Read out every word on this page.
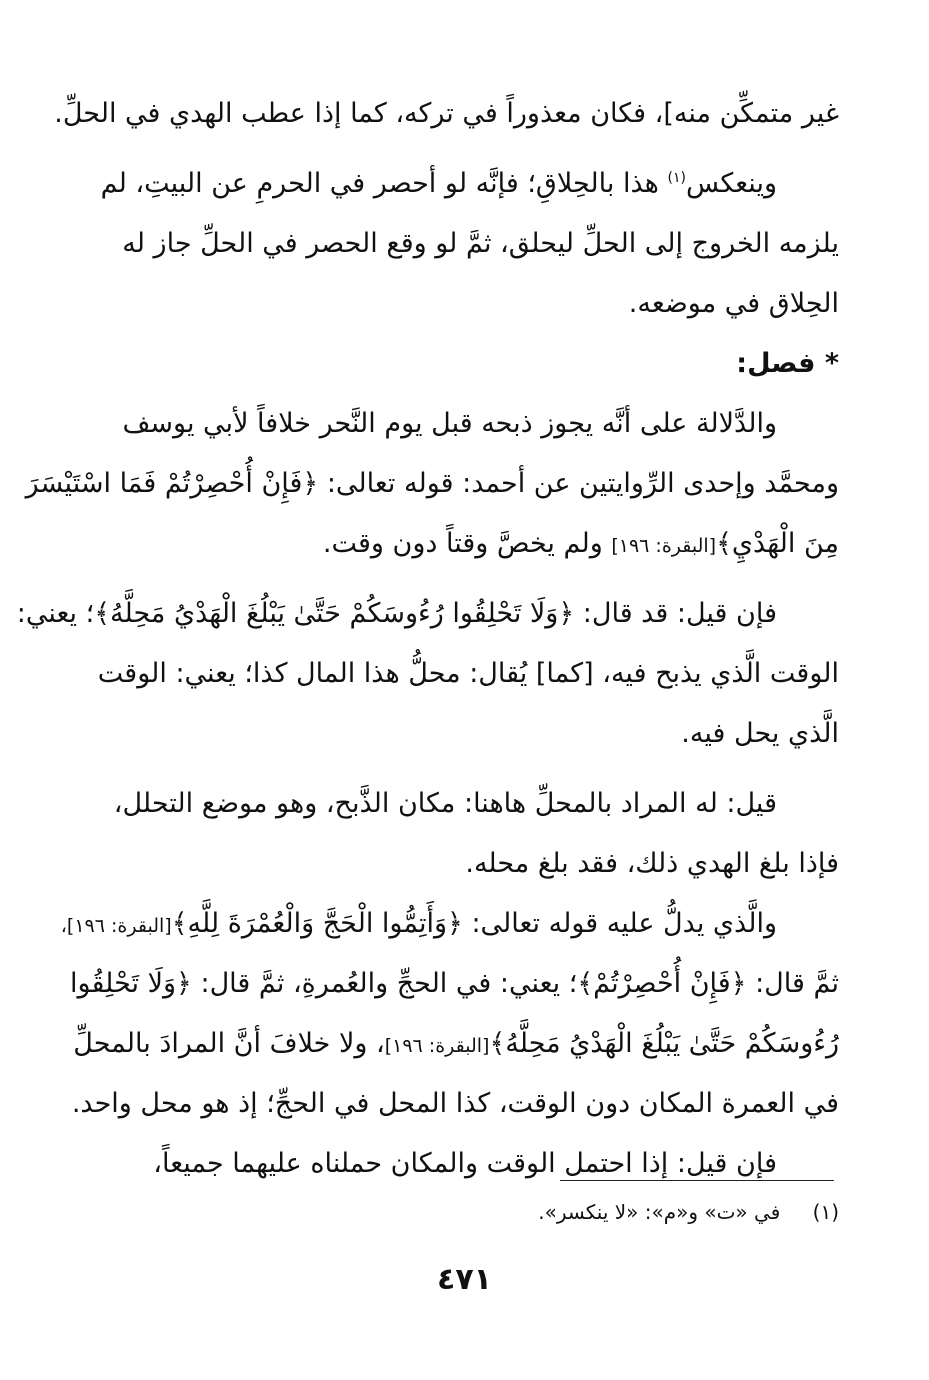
غير متمكِّن منه]، فكان معذوراً في تركه، كما إذا عطب الهدي في الحلِّ.
وينعكس$^{(١)}$ هذا بالحِلاقِ؛ فإنَّه لو أحصر في الحرمِ عن البيتِ، لم
يلزمه الخروج إلى الحلِّ ليحلق، ثمَّ لو وقع الحصر في الحلِّ جاز له
الحِلاق في موضعه.
* فصل:
والدَّلالة على أنَّه يجوز ذبحه قبل يوم النَّحر خلافاً لأبي يوسف
ومحمَّد وإحدى الرِّوايتين عن أحمد: قوله تعالى: ﴿فَإِنْ أُحْصِرْتُمْ فَمَا اسْتَيْسَرَ
مِنَ الْهَدْيِ﴾[البقرة: ١٩٦] ولم يخصَّ وقتاً دون وقت.
فإن قيل: قد قال: ﴿وَلَا تَحْلِقُوا رُءُوسَكُمْ حَتَّىٰ يَبْلُغَ الْهَدْيُ مَحِلَّهُ﴾؛ يعني:
الوقت الَّذي يذبح فيه، [كما] يُقال: محلُّ هذا المال كذا؛ يعني: الوقت
الَّذي يحل فيه.
قيل: له المراد بالمحلِّ هاهنا: مكان الذَّبح، وهو موضع التحلل،
فإذا بلغ الهدي ذلك، فقد بلغ محله.
والَّذي يدلُّ عليه قوله تعالى: ﴿وَأَتِمُّوا الْحَجَّ وَالْعُمْرَةَ لِلَّهِ﴾[البقرة: ١٩٦]،
ثمَّ قال: ﴿فَإِنْ أُحْصِرْتُمْ﴾؛ يعني: في الحجِّ والعُمرةِ، ثمَّ قال: ﴿وَلَا تَحْلِقُوا
رُءُوسَكُمْ حَتَّىٰ يَبْلُغَ الْهَدْيُ مَحِلَّهُ﴾[البقرة: ١٩٦]، ولا خلافَ أنَّ المرادَ بالمحلِّ
في العمرة المكان دون الوقت، كذا المحل في الحجِّ؛ إذ هو محل واحد.
فإن قيل: إذا احتمل الوقت والمكان حملناه عليهما جميعاً،
(١) في «ت» و«م»: «لا ينكسر».
٤٧١
